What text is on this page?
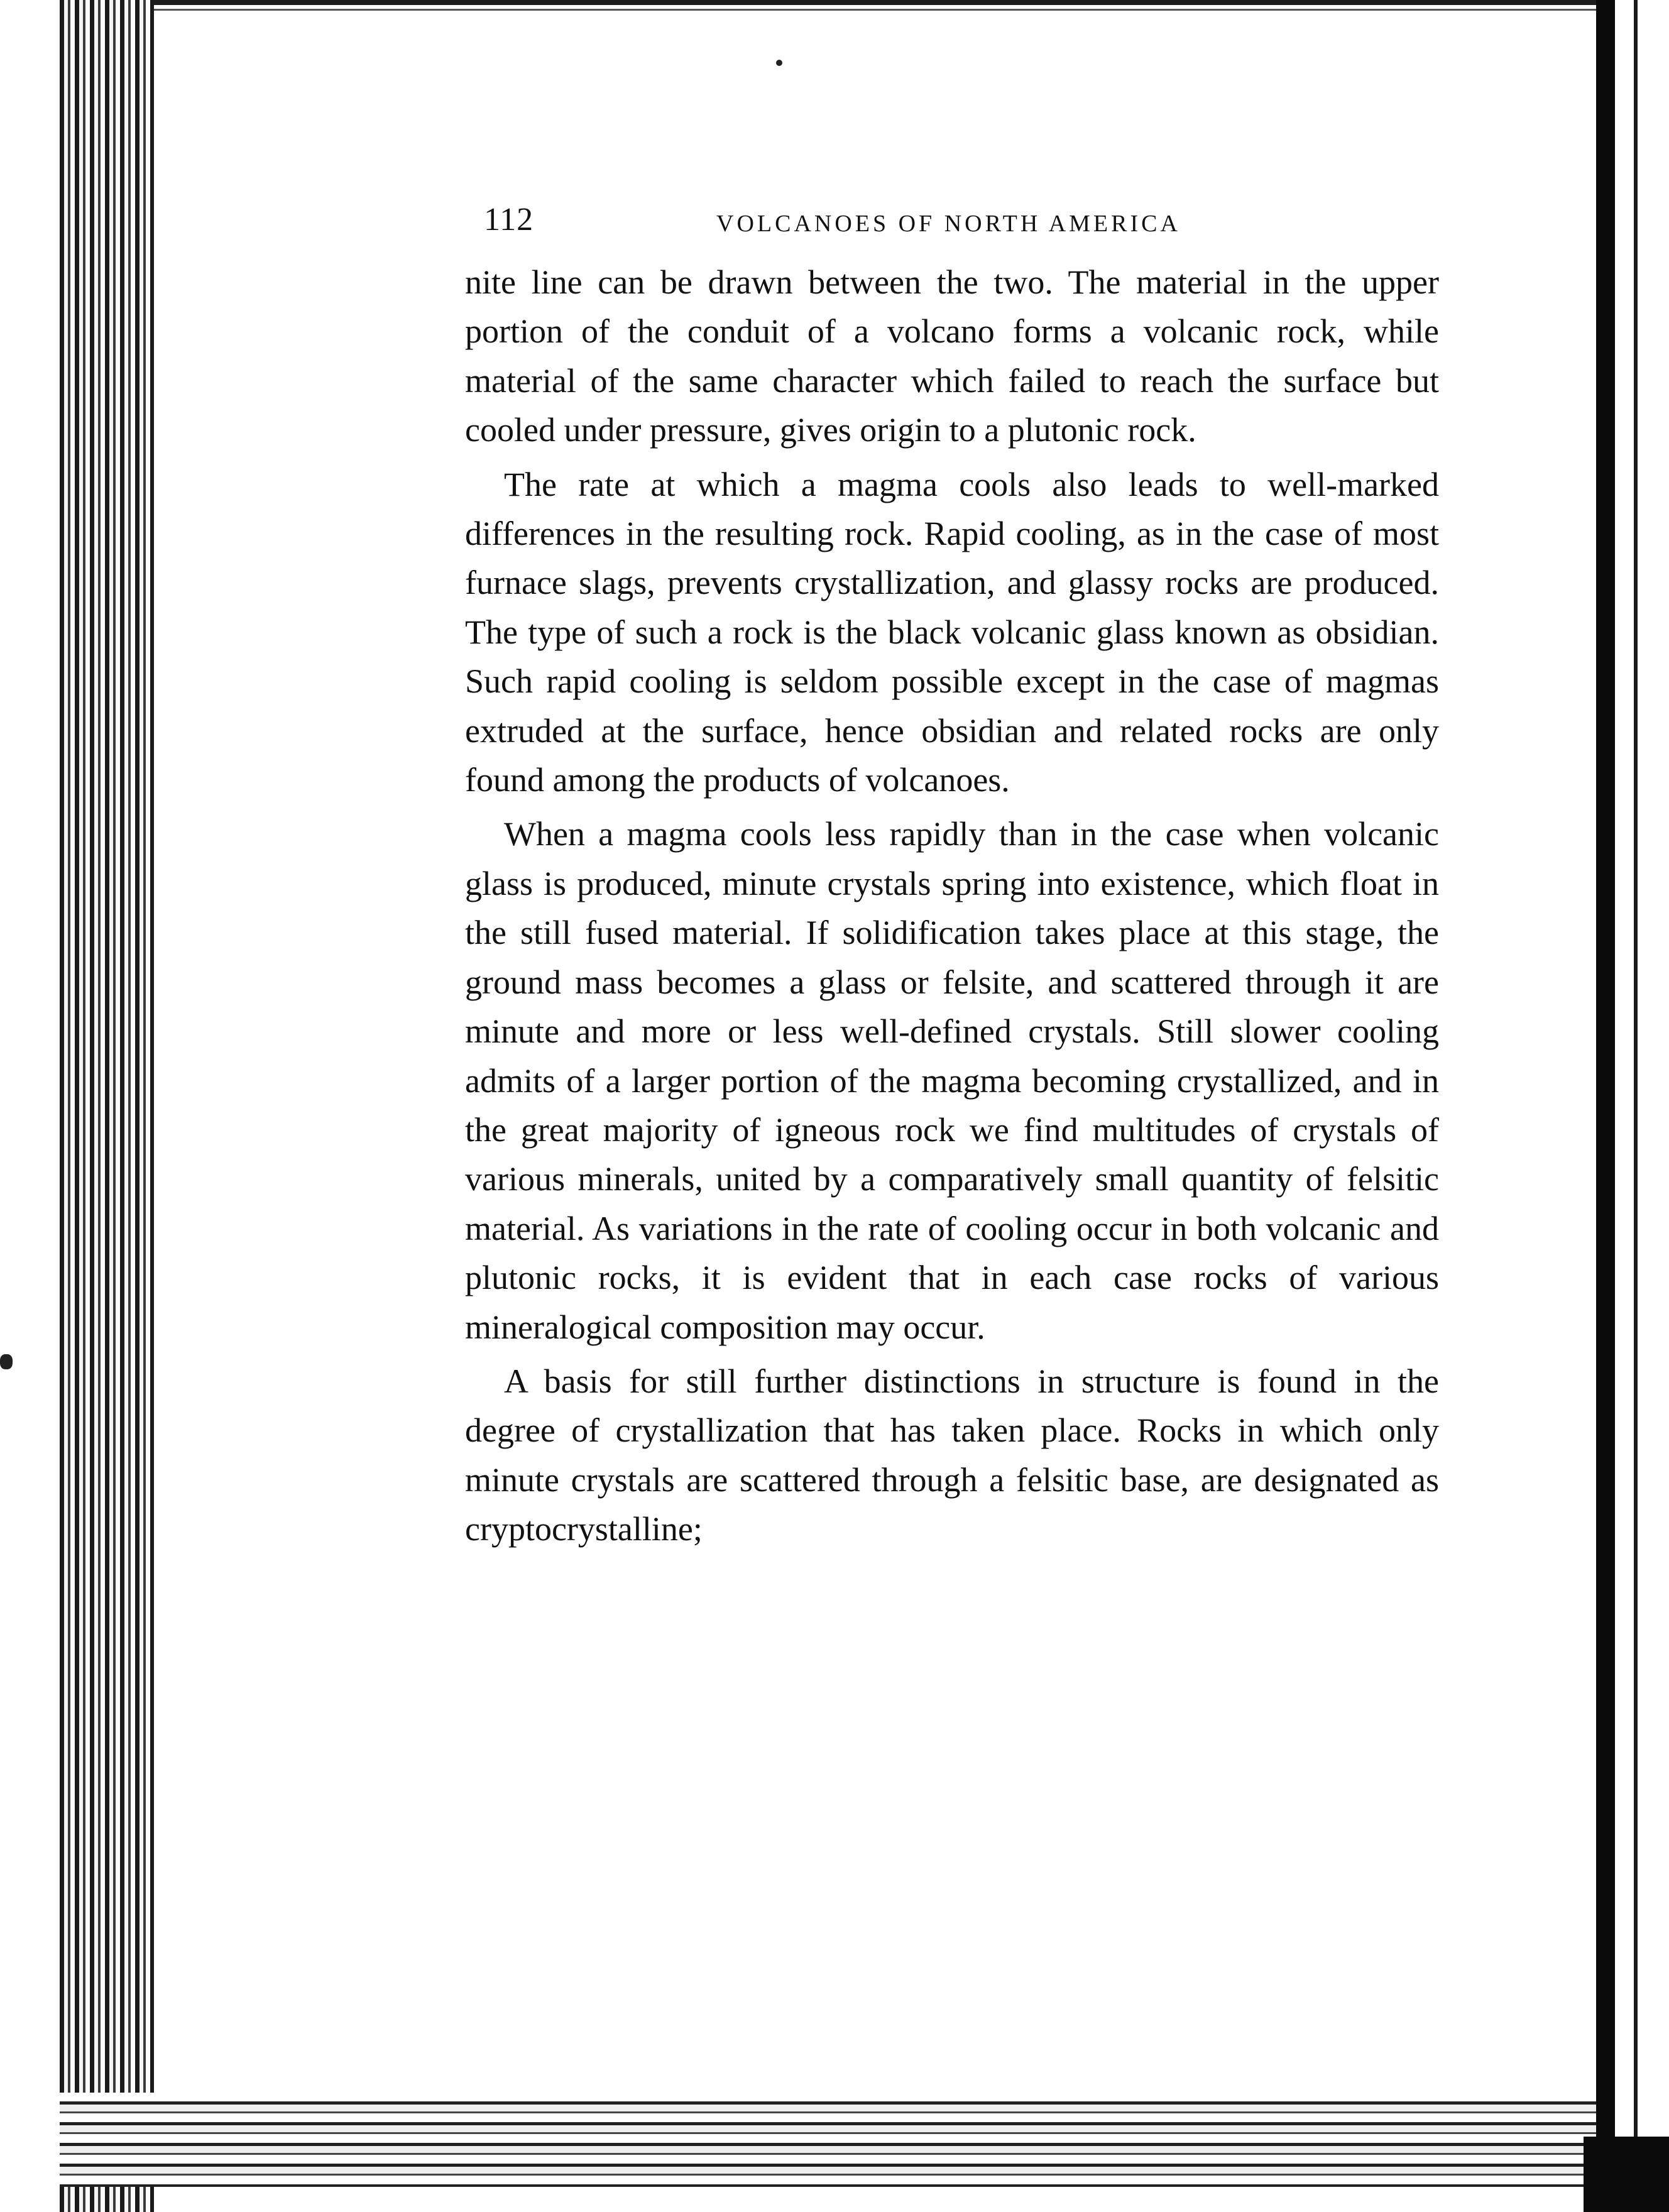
112	VOLCANOES OF NORTH AMERICA

nite line can be drawn between the two. The material in the upper portion of the conduit of a volcano forms a volcanic rock, while material of the same character which failed to reach the surface but cooled under pressure, gives origin to a plutonic rock.

The rate at which a magma cools also leads to well-marked differences in the resulting rock. Rapid cooling, as in the case of most furnace slags, prevents crystallization, and glassy rocks are produced. The type of such a rock is the black volcanic glass known as obsidian. Such rapid cooling is seldom possible except in the case of magmas extruded at the surface, hence obsidian and related rocks are only found among the products of volcanoes.

When a magma cools less rapidly than in the case when volcanic glass is produced, minute crystals spring into existence, which float in the still fused material. If solidification takes place at this stage, the ground mass becomes a glass or felsite, and scattered through it are minute and more or less well-defined crystals. Still slower cooling admits of a larger portion of the magma becoming crystallized, and in the great majority of igneous rock we find multitudes of crystals of various minerals, united by a comparatively small quantity of felsitic material. As variations in the rate of cooling occur in both volcanic and plutonic rocks, it is evident that in each case rocks of various mineralogical composition may occur.

A basis for still further distinctions in structure is found in the degree of crystallization that has taken place. Rocks in which only minute crystals are scattered through a felsitic base, are designated as cryptocrystalline;
